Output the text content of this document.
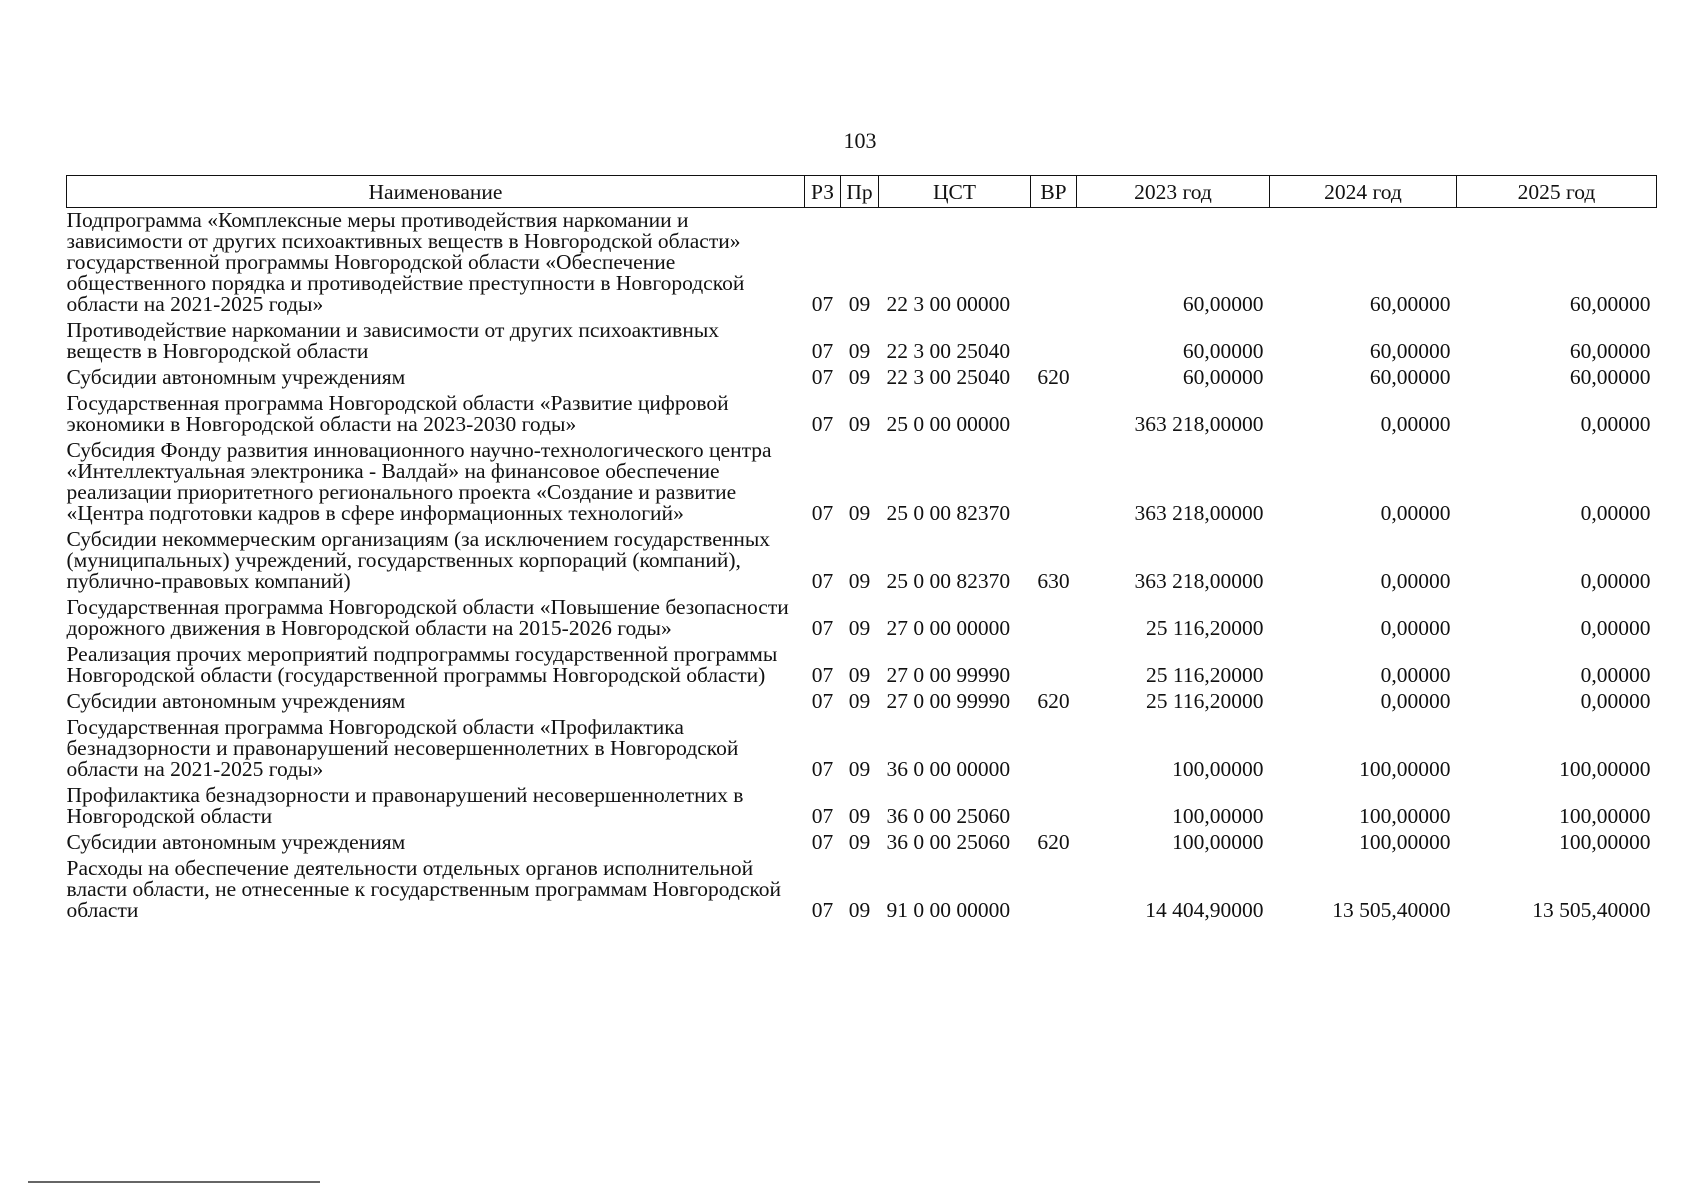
103
Наименование	РЗ	Пр	ЦСТ	ВР	2023 год	2024 год	2025 год
Подпрограмма «Комплексные меры противодействия наркомании и зависимости от других психоактивных веществ в Новгородской области» государственной программы Новгородской области «Обеспечение общественного порядка и противодействие преступности в Новгородской области на 2021-2025 годы»	07	09	22 3 00 00000		60,00000	60,00000	60,00000
Противодействие наркомании и зависимости от других психоактивных веществ в Новгородской области	07	09	22 3 00 25040		60,00000	60,00000	60,00000
Субсидии автономным учреждениям	07	09	22 3 00 25040	620	60,00000	60,00000	60,00000
Государственная программа Новгородской области «Развитие цифровой экономики в Новгородской области на 2023-2030 годы»	07	09	25 0 00 00000		363 218,00000	0,00000	0,00000
Субсидия Фонду развития инновационного научно-технологического центра «Интеллектуальная электроника - Валдай» на финансовое обеспечение реализации приоритетного регионального проекта «Создание и развитие «Центра подготовки кадров в сфере информационных технологий»	07	09	25 0 00 82370		363 218,00000	0,00000	0,00000
Субсидии некоммерческим организациям (за исключением государственных (муниципальных) учреждений, государственных корпораций (компаний), публично-правовых компаний)	07	09	25 0 00 82370	630	363 218,00000	0,00000	0,00000
Государственная программа Новгородской области «Повышение безопасности дорожного движения в Новгородской области на 2015-2026 годы»	07	09	27 0 00 00000		25 116,20000	0,00000	0,00000
Реализация прочих мероприятий подпрограммы государственной программы Новгородской области (государственной программы Новгородской области)	07	09	27 0 00 99990		25 116,20000	0,00000	0,00000
Субсидии автономным учреждениям	07	09	27 0 00 99990	620	25 116,20000	0,00000	0,00000
Государственная программа Новгородской области «Профилактика безнадзорности и правонарушений несовершеннолетних в Новгородской области на 2021-2025 годы»	07	09	36 0 00 00000		100,00000	100,00000	100,00000
Профилактика безнадзорности и правонарушений несовершеннолетних в Новгородской области	07	09	36 0 00 25060		100,00000	100,00000	100,00000
Субсидии автономным учреждениям	07	09	36 0 00 25060	620	100,00000	100,00000	100,00000
Расходы на обеспечение деятельности отдельных органов исполнительной власти области, не отнесенные к государственным программам Новгородской области	07	09	91 0 00 00000		14 404,90000	13 505,40000	13 505,40000
